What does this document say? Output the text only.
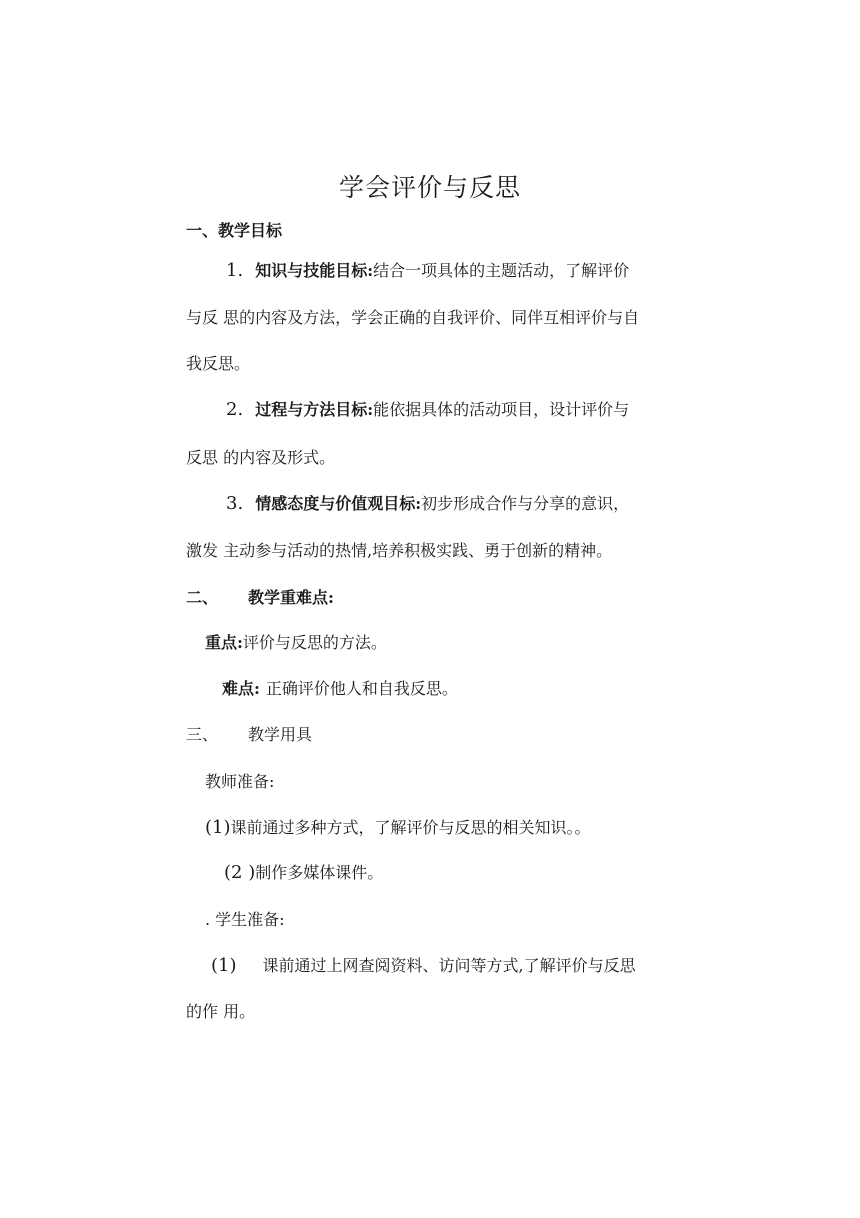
学会评价与反思
一、教学目标
1. 知识与技能目标:结合一项具体的主题活动，了解评价
与反 思的内容及方法，学会正确的自我评价、同伴互相评价与自
我反思。
2. 过程与方法目标:能依据具体的活动项目，设计评价与
反思 的内容及形式。
3. 情感态度与价值观目标:初步形成合作与分享的意识，
激发 主动参与活动的热情,培养积极实践、勇于创新的精神。
二、 教学重难点:
重点:评价与反思的方法。
难点: 正确评价他人和自我反思。
三、 教学用具
教师准备:
(1)课前通过多种方式，了解评价与反思的相关知识。。
(2 )制作多媒体课件。
. 学生准备:
(1) 课前通过上网查阅资料、访问等方式,了解评价与反思
的作 用。
